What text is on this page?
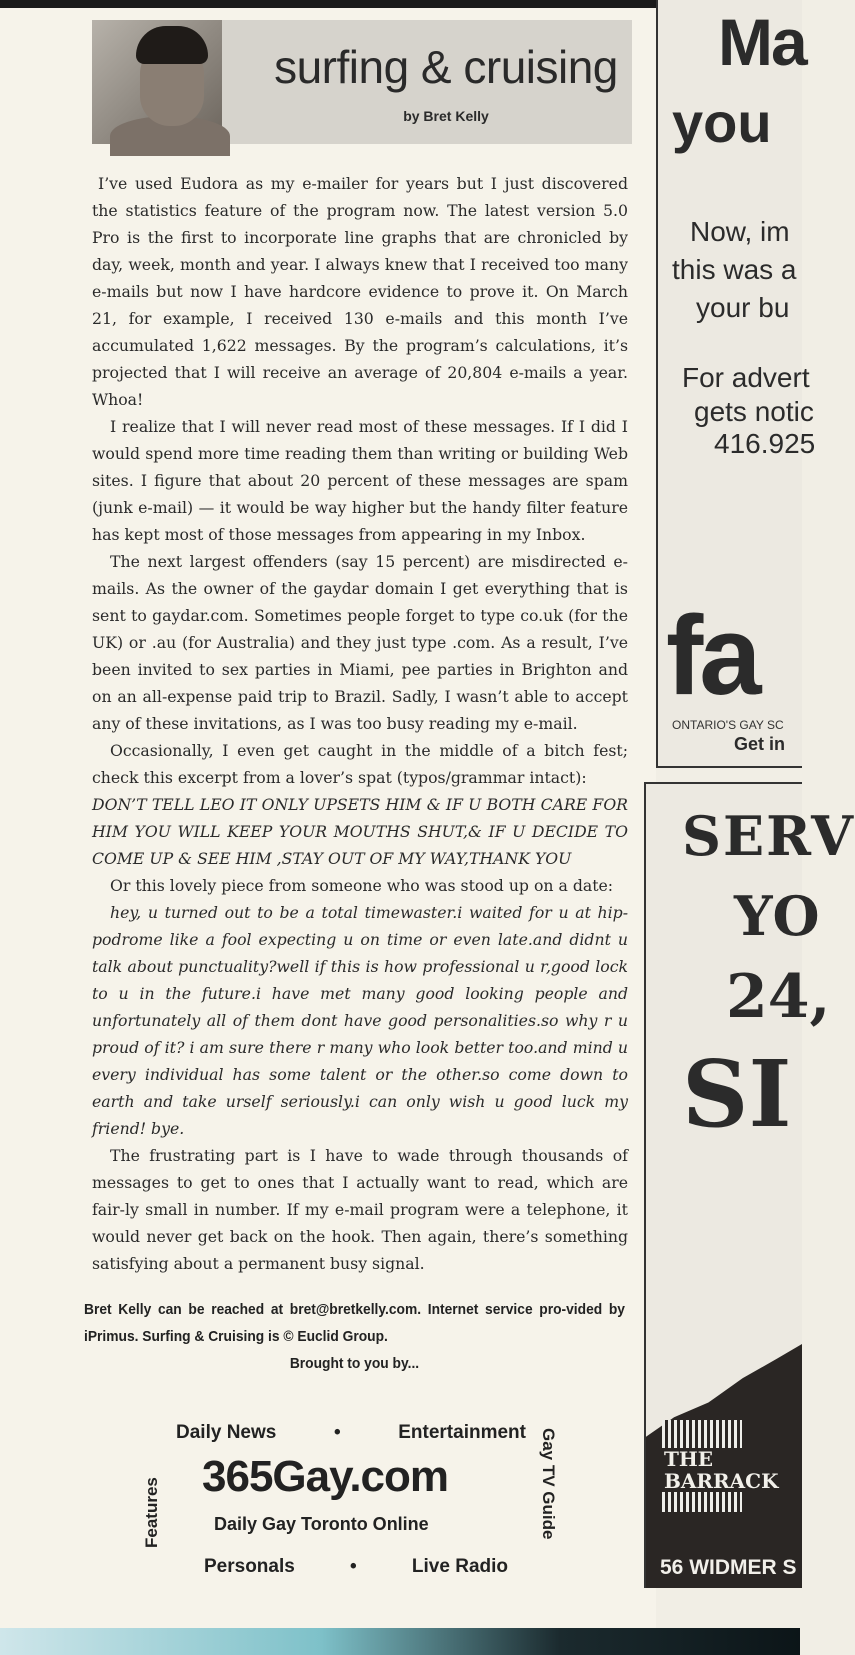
surfing & cruising
by Bret Kelly

I’ve used Eudora as my e-mailer for years but I just discovered the statistics feature of the program now. The latest version 5.0 Pro is the first to incorporate line graphs that are chronicled by day, week, month and year. I always knew that I received too many e-mails but now I have hardcore evidence to prove it. On March 21, for example, I received 130 e-mails and this month I’ve accumulated 1,622 messages. By the program’s calculations, it’s projected that I will receive an average of 20,804 e-mails a year. Whoa!

I realize that I will never read most of these messages. If I did I would spend more time reading them than writing or building Web sites. I figure that about 20 percent of these messages are spam (junk e-mail) — it would be way higher but the handy filter feature has kept most of those messages from appearing in my Inbox.

The next largest offenders (say 15 percent) are misdirected e-mails. As the owner of the gaydar domain I get everything that is sent to gaydar.com. Sometimes people forget to type co.uk (for the UK) or .au (for Australia) and they just type .com. As a result, I’ve been invited to sex parties in Miami, pee parties in Brighton and on an all-expense paid trip to Brazil. Sadly, I wasn’t able to accept any of these invitations, as I was too busy reading my e-mail.

Occasionally, I even get caught in the middle of a bitch fest; check this excerpt from a lover’s spat (typos/grammar intact):

DON’T TELL LEO IT ONLY UPSETS HIM & IF U BOTH CARE FOR HIM YOU WILL KEEP YOUR MOUTHS SHUT,& IF U DECIDE TO COME UP & SEE HIM ,STAY OUT OF MY WAY,THANK YOU

Or this lovely piece from someone who was stood up on a date:

hey, u turned out to be a total timewaster.i waited for u at hip-podrome like a fool expecting u on time or even late.and didnt u talk about punctuality?well if this is how professional u r,good lock to u in the future.i have met many good looking people and unfortunately all of them dont have good personalities.so why r u proud of it? i am sure there r many who look better too.and mind u every individual has some talent or the other.so come down to earth and take urself seriously.i can only wish u good luck my friend! bye.

The frustrating part is I have to wade through thousands of messages to get to ones that I actually want to read, which are fair-ly small in number. If my e-mail program were a telephone, it would never get back on the hook. Then again, there’s something satisfying about a permanent busy signal.

Bret Kelly can be reached at bret@bretkelly.com. Internet service pro-vided by iPrimus. Surfing & Cruising is © Euclid Group.
Brought to you by...
Daily News	•	Entertainment
365Gay.com
Daily Gay Toronto Online
Personals	•	Live Radio
Features	Gay TV Guide
Ma
you
Now, im
this was a
your bu
For advert
gets notic
416.925
fa
ONTARIO'S GAY SC
Get in
SERV
YO
24,
SI
THE BARRACK
56 WIDMER S
